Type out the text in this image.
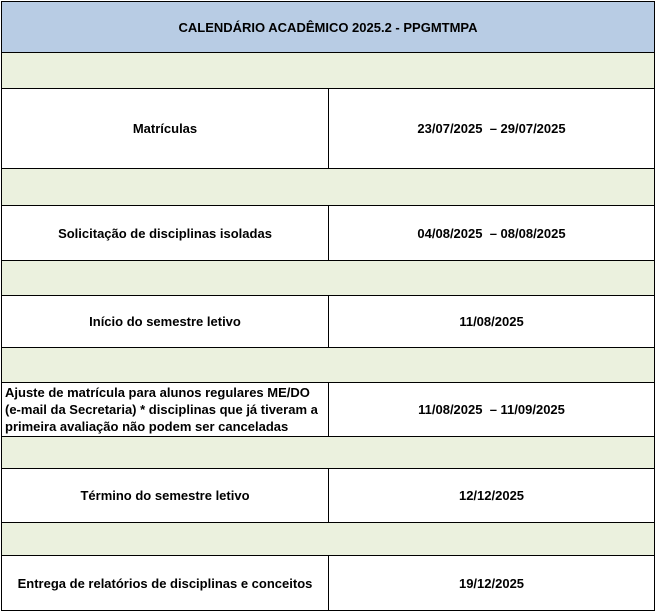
CALENDÁRIO ACADÊMICO 2025.2 - PPGMTMPA	

Matrículas	23/07/2025  – 29/07/2025

Solicitação de disciplinas isoladas	04/08/2025  – 08/08/2025

Início do semestre letivo	11/08/2025

Ajuste de matrícula para alunos regulares ME/DO (e-mail da Secretaria) * disciplinas que já tiveram a primeira avaliação não podem ser canceladas	11/08/2025  – 11/09/2025

Término do semestre letivo	12/12/2025

Entrega de relatórios de disciplinas e conceitos	19/12/2025
